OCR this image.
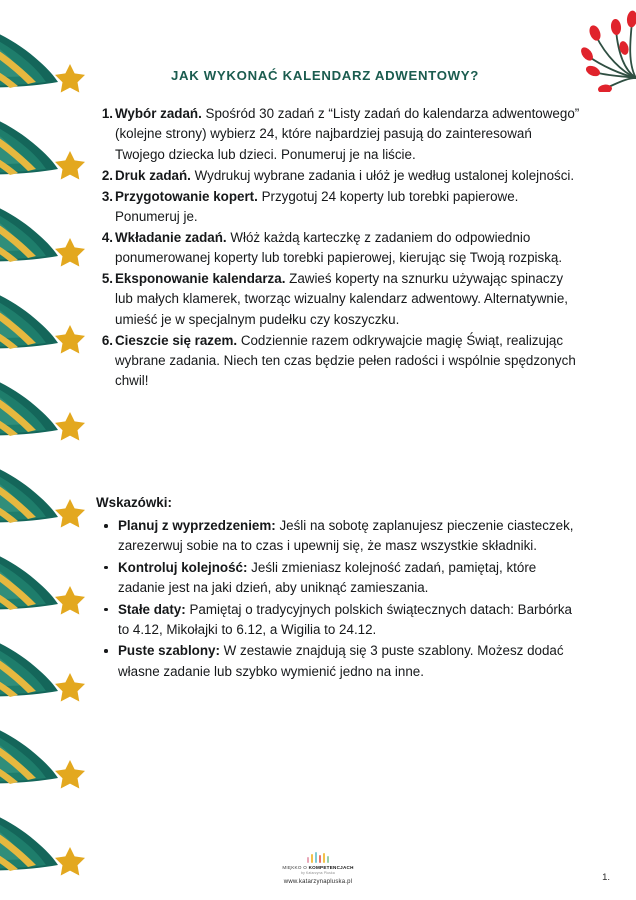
JAK WYKONAĆ KALENDARZ ADWENTOWY?
1. Wybór zadań. Spośród 30 zadań z “Listy zadań do kalendarza adwentowego” (kolejne strony) wybierz 24, które najbardziej pasują do zainteresowań Twojego dziecka lub dzieci. Ponumeruj je na liście.
2. Druk zadań. Wydrukuj wybrane zadania i ułóż je według ustalonej kolejności.
3. Przygotowanie kopert. Przygotuj 24 koperty lub torebki papierowe. Ponumeruj je.
4. Wkładanie zadań. Włóż każdą karteczkę z zadaniem do odpowiednio ponumerowanej koperty lub torebki papierowej, kierując się Twoją rozpiską.
5. Eksponowanie kalendarza. Zawieś koperty na sznurku używając spinaczy lub małych klamerek, tworząc wizualny kalendarz adwentowy. Alternatywnie, umieść je w specjalnym pudełku czy koszyczku.
6. Cieszcie się razem. Codziennie razem odkrywajcie magię Świąt, realizując wybrane zadania. Niech ten czas będzie pełen radości i wspólnie spędzonych chwil!
Wskazówki:
Planuj z wyprzedzeniem: Jeśli na sobotę zaplanujesz pieczenie ciasteczek, zarezerwuj sobie na to czas i upewnij się, że masz wszystkie składniki.
Kontroluj kolejność: Jeśli zmieniasz kolejność zadań, pamiętaj, które zadanie jest na jaki dzień, aby uniknąć zamieszania.
Stałe daty: Pamiętaj o tradycyjnych polskich świątecznych datach: Barbórka to 4.12, Mikołajki to 6.12, a Wigilia to 24.12.
Puste szablony: W zestawie znajdują się 3 puste szablony. Możesz dodać własne zadanie lub szybko wymienić jedno na inne.
MIĘKKO O KOMPETENCJACH
by Katarzyna Pluska
www.katarzynapluska.pl	1.
